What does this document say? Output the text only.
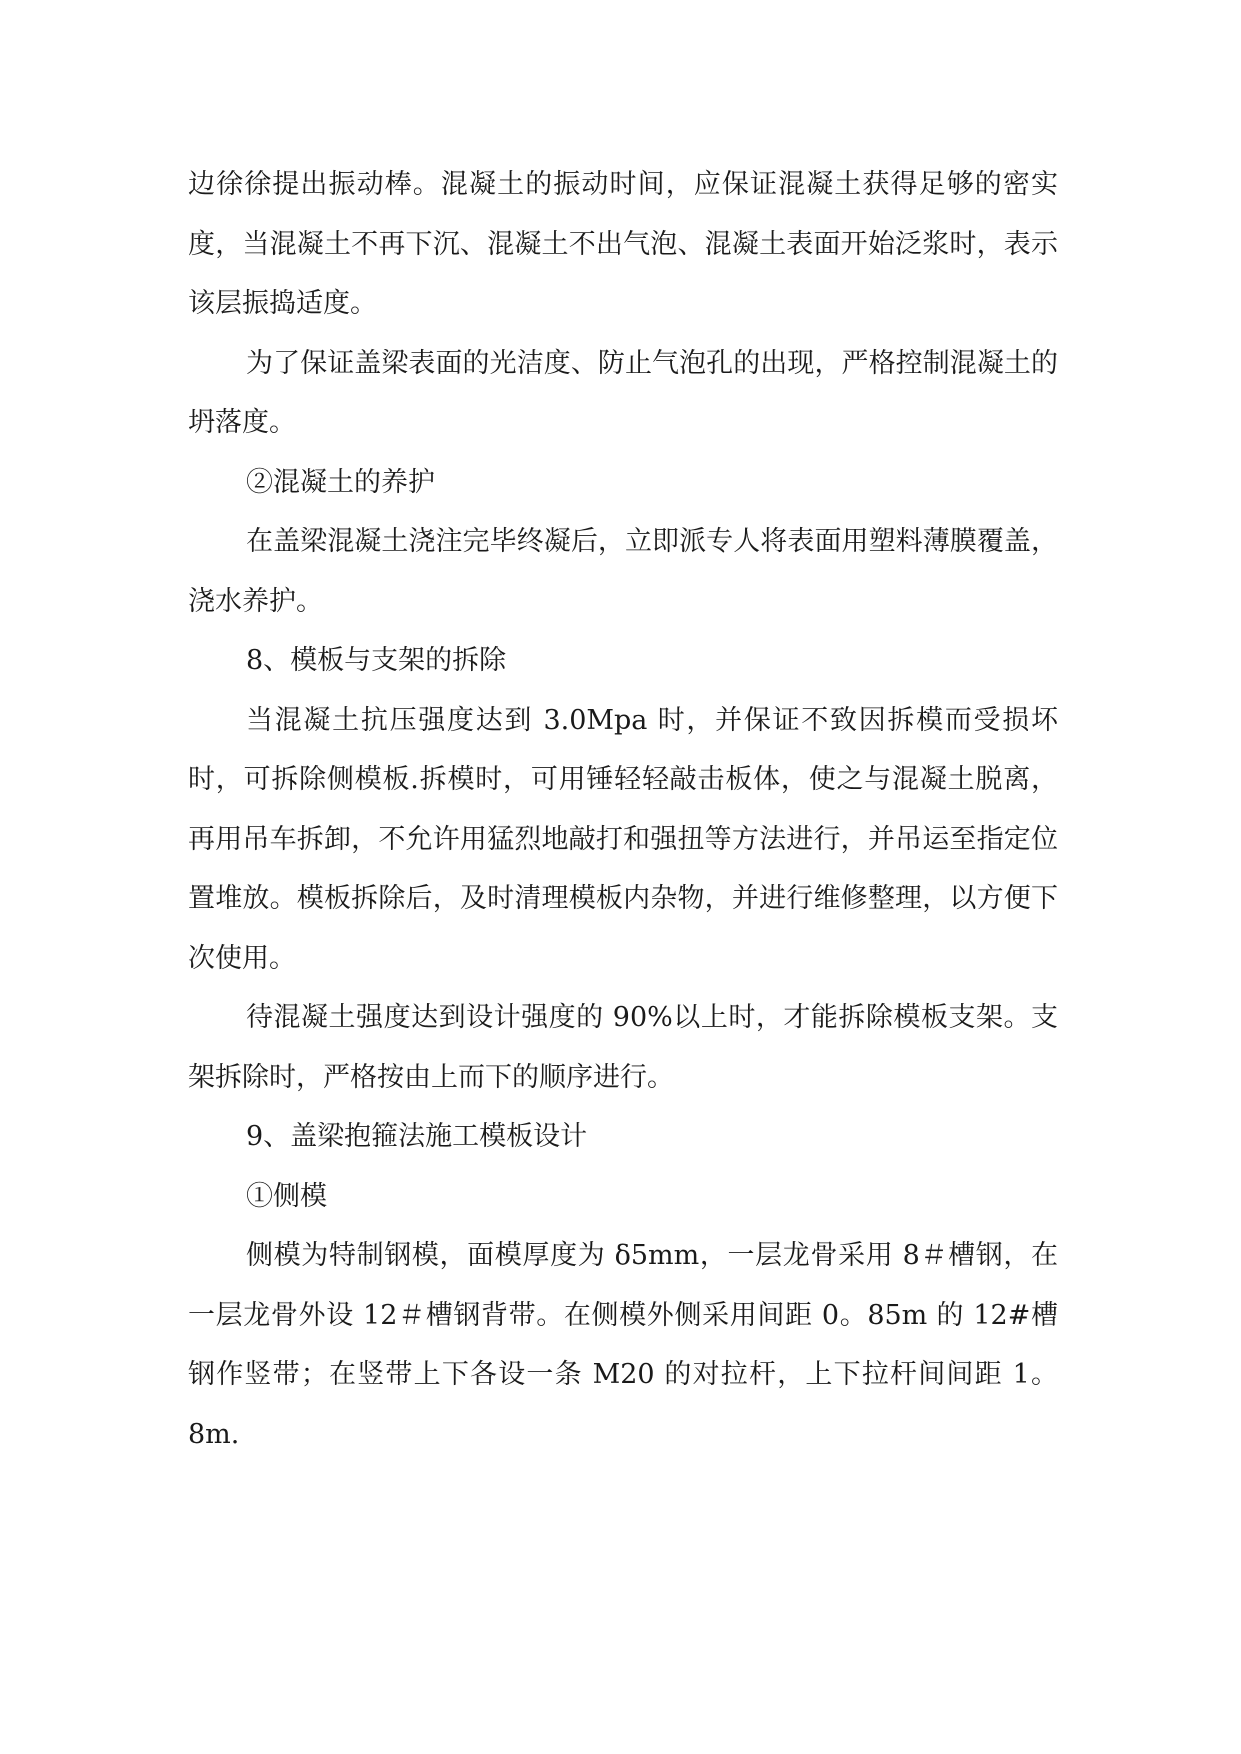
边徐徐提出振动棒。混凝土的振动时间，应保证混凝土获得足够的密实度，当混凝土不再下沉、混凝土不出气泡、混凝土表面开始泛浆时，表示该层振捣适度。

为了保证盖梁表面的光洁度、防止气泡孔的出现，严格控制混凝土的坍落度。

②混凝土的养护

在盖梁混凝土浇注完毕终凝后，立即派专人将表面用塑料薄膜覆盖，浇水养护。

8、模板与支架的拆除

当混凝土抗压强度达到 3.0Mpa 时，并保证不致因拆模而受损坏时，可拆除侧模板.拆模时，可用锤轻轻敲击板体，使之与混凝土脱离，再用吊车拆卸，不允许用猛烈地敲打和强扭等方法进行，并吊运至指定位置堆放。模板拆除后，及时清理模板内杂物，并进行维修整理，以方便下次使用。

待混凝土强度达到设计强度的 90%以上时，才能拆除模板支架。支架拆除时，严格按由上而下的顺序进行。

9、盖梁抱箍法施工模板设计

①侧模

侧模为特制钢模，面模厚度为 δ5mm，一层龙骨采用 8＃槽钢，在一层龙骨外设 12＃槽钢背带。在侧模外侧采用间距 0。85m 的 12#槽钢作竖带；在竖带上下各设一条 M20 的对拉杆，上下拉杆间间距 1。8m.
